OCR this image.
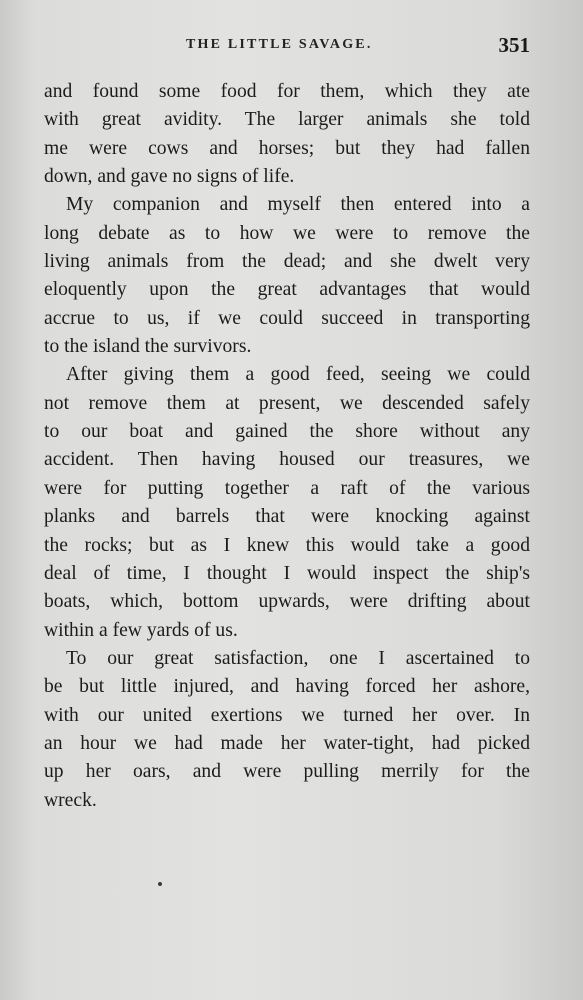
THE LITTLE SAVAGE.	351
and found some food for them, which they ate
with great avidity. The larger animals she told
me were cows and horses; but they had fallen
down, and gave no signs of life.
My companion and myself then entered into a
long debate as to how we were to remove the
living animals from the dead; and she dwelt very
eloquently upon the great advantages that would
accrue to us, if we could succeed in transporting
to the island the survivors.
After giving them a good feed, seeing we could
not remove them at present, we descended safely
to our boat and gained the shore without any
accident. Then having housed our treasures, we
were for putting together a raft of the various
planks and barrels that were knocking against
the rocks; but as I knew this would take a good
deal of time, I thought I would inspect the ship's
boats, which, bottom upwards, were drifting about
within a few yards of us.
To our great satisfaction, one I ascertained to
be but little injured, and having forced her ashore,
with our united exertions we turned her over. In
an hour we had made her water-tight, had picked
up her oars, and were pulling merrily for the
wreck.
